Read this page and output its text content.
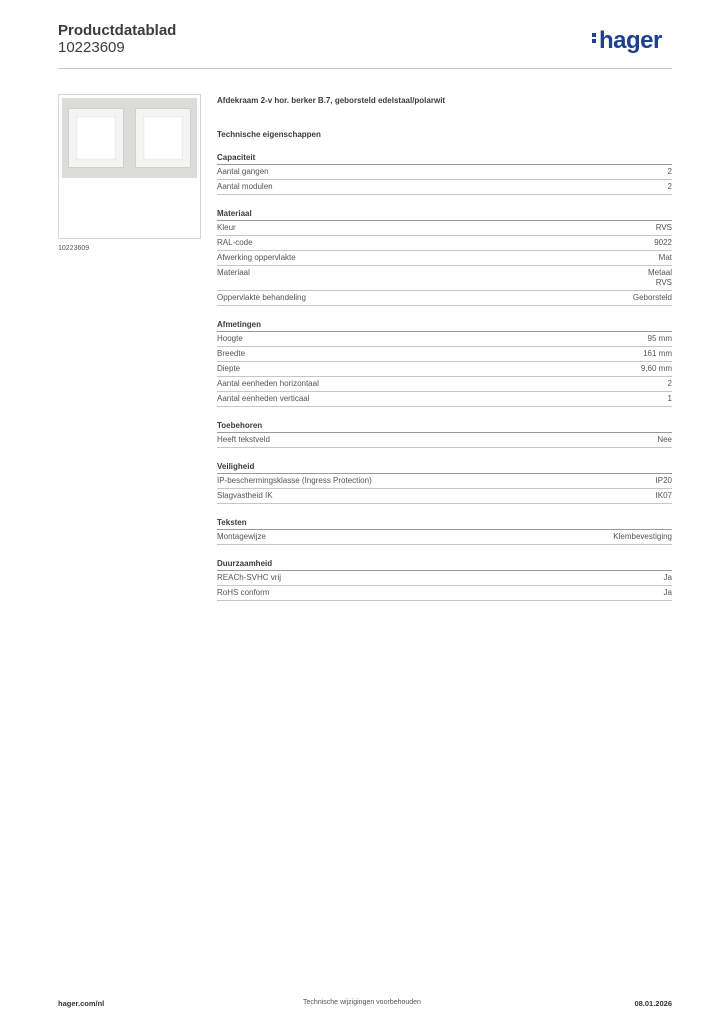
Productdatablad
10223609	hager
10223609
Afdekraam 2-v hor. berker B.7, geborsteld edelstaal/polarwit
Technische eigenschappen
Capaciteit
Aantal gangen	2
Aantal modulen	2
Materiaal
Kleur	RVS
RAL-code	9022
Afwerking oppervlakte	Mat
Materiaal	Metaal
RVS
Oppervlakte behandeling	Geborsteld
Afmetingen
Hoogte	95 mm
Breedte	161 mm
Diepte	9,60 mm
Aantal eenheden horizontaal	2
Aantal eenheden verticaal	1
Toebehoren
Heeft tekstveld	Nee
Veiligheid
IP-beschermingsklasse (Ingress Protection)	IP20
Slagvastheid IK	IK07
Teksten
Montagewijze	Klembevestiging
Duurzaamheid
REACh-SVHC vrij	Ja
RoHS conform	Ja
hager.com/nl	Technische wijzigingen voorbehouden	08.01.2026
